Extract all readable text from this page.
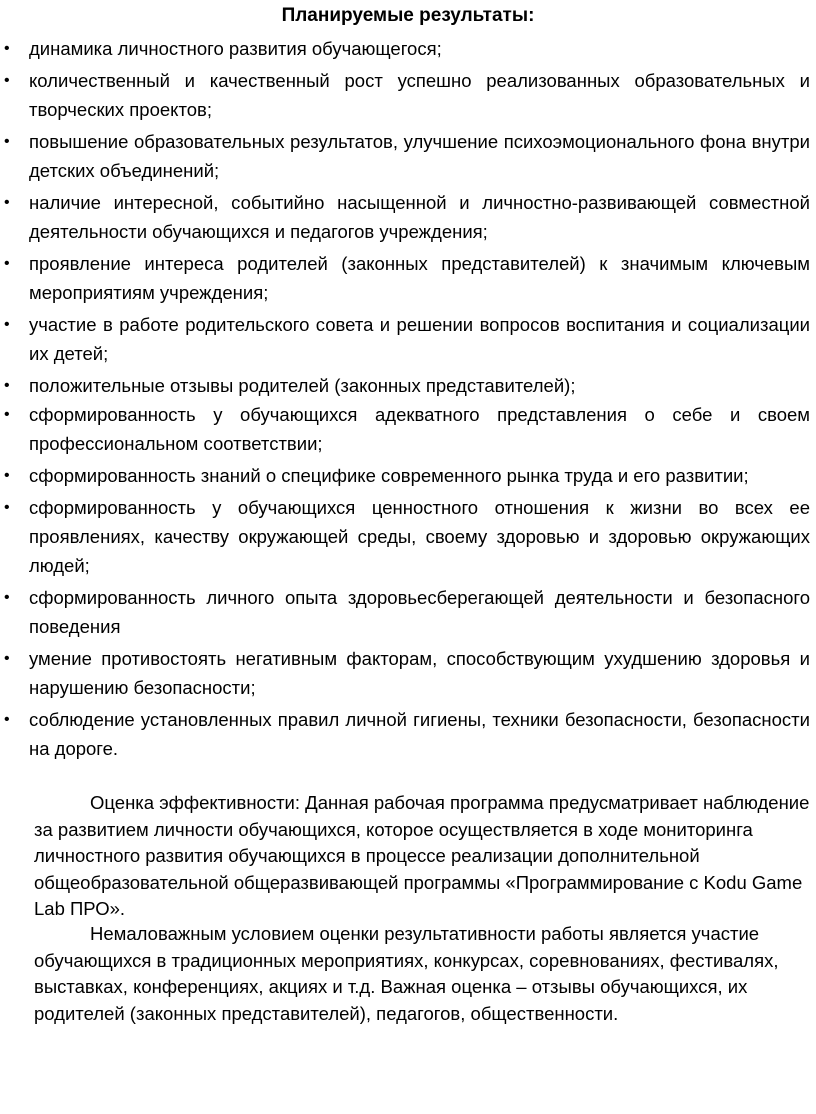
Планируемые результаты:
• динамика личностного развития обучающегося;
• количественный и качественный рост успешно реализованных образовательных и творческих проектов;
• повышение образовательных результатов, улучшение психоэмоционального фона внутри детских объединений;
• наличие интересной, событийно насыщенной и личностно-развивающей совместной деятельности обучающихся и педагогов учреждения;
• проявление интереса родителей (законных представителей) к значимым ключевым мероприятиям учреждения;
• участие в работе родительского совета и решении вопросов воспитания и социализации их детей;
• положительные отзывы родителей (законных представителей);
• сформированность у обучающихся адекватного представления о себе и своем профессиональном соответствии;
• сформированность знаний о специфике современного рынка труда и его развитии;
• сформированность у обучающихся ценностного отношения к жизни во всех ее проявлениях, качеству окружающей среды, своему здоровью и здоровью окружающих людей;
• сформированность личного опыта здоровьесберегающей деятельности и безопасного поведения
• умение противостоять негативным факторам, способствующим ухудшению здоровья и нарушению безопасности;
• соблюдение установленных правил личной гигиены, техники безопасности, безопасности на дороге.

Оценка эффективности: Данная рабочая программа предусматривает наблюдение за развитием личности обучающихся, которое осуществляется в ходе мониторинга личностного развития обучающихся в процессе реализации дополнительной общеобразовательной общеразвивающей программы «Программирование с Kodu Game Lab ПРО».

Немаловажным условием оценки результативности работы является участие обучающихся в традиционных мероприятиях, конкурсах, соревнованиях, фестивалях, выставках, конференциях, акциях и т.д. Важная оценка – отзывы обучающихся, их родителей (законных представителей), педагогов, общественности.
